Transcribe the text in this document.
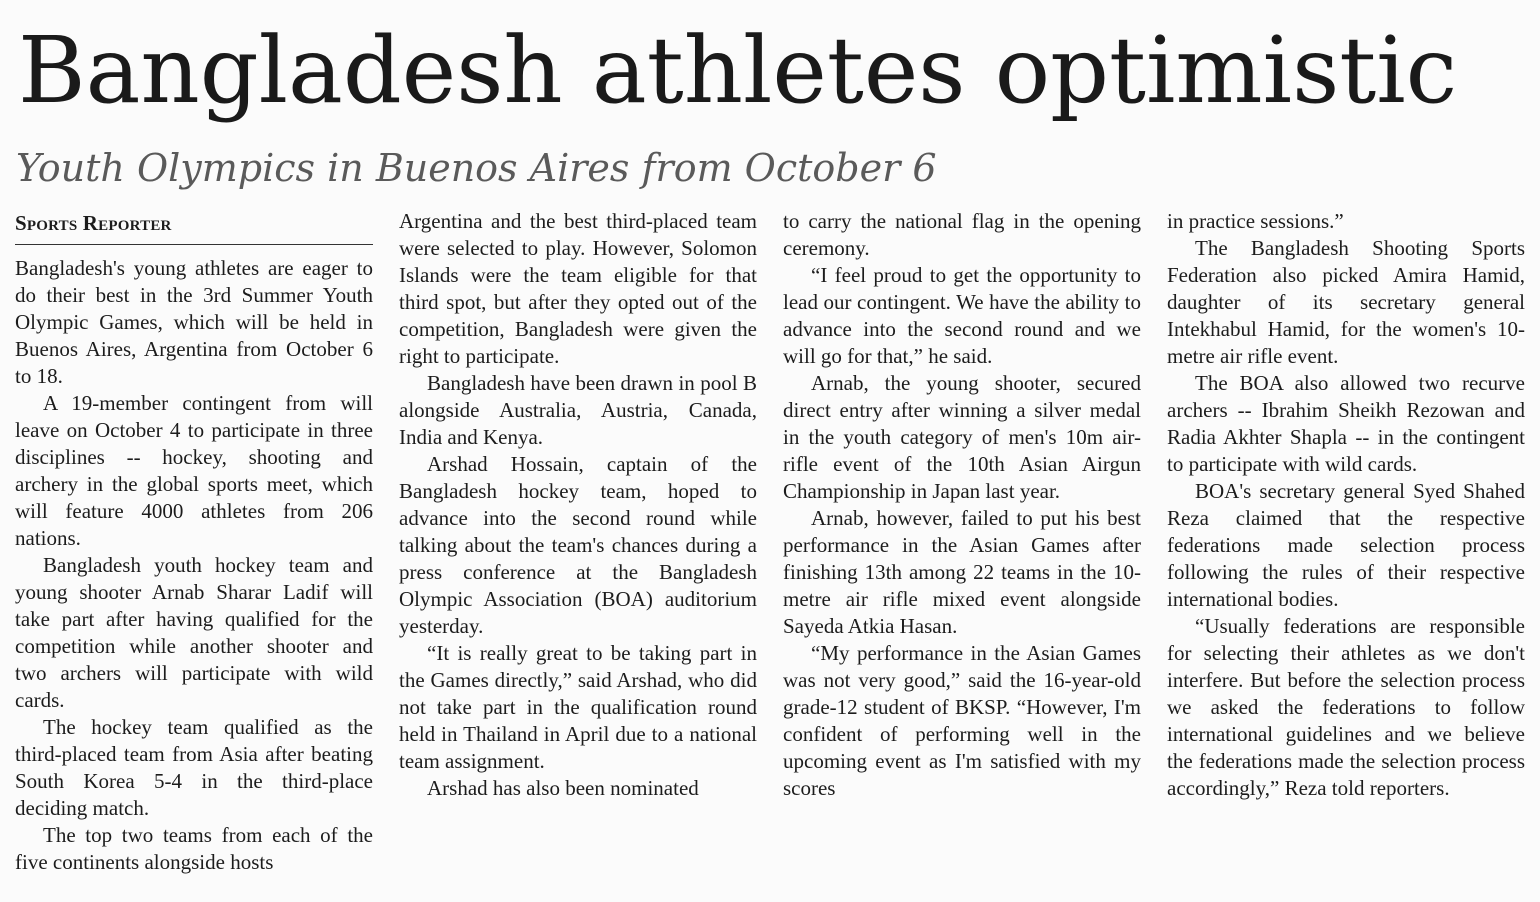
Bangladesh athletes optimistic
Youth Olympics in Buenos Aires from October 6
Sports Reporter

Bangladesh's young athletes are eager to do their best in the 3rd Summer Youth Olympic Games, which will be held in Buenos Aires, Argentina from October 6 to 18.

A 19-member contingent from will leave on October 4 to participate in three disciplines -- hockey, shooting and archery in the global sports meet, which will feature 4000 athletes from 206 nations.

Bangladesh youth hockey team and young shooter Arnab Sharar Ladif will take part after having qualified for the competition while another shooter and two archers will participate with wild cards.

The hockey team qualified as the third-placed team from Asia after beating South Korea 5-4 in the third-place deciding match.

The top two teams from each of the five continents alongside hosts

Argentina and the best third-placed team were selected to play. However, Solomon Islands were the team eligible for that third spot, but after they opted out of the competition, Bangladesh were given the right to participate.

Bangladesh have been drawn in pool B alongside Australia, Austria, Canada, India and Kenya.

Arshad Hossain, captain of the Bangladesh hockey team, hoped to advance into the second round while talking about the team's chances during a press conference at the Bangladesh Olympic Association (BOA) auditorium yesterday.

“It is really great to be taking part in the Games directly,” said Arshad, who did not take part in the qualification round held in Thailand in April due to a national team assignment.

Arshad has also been nominated

to carry the national flag in the opening ceremony.

“I feel proud to get the opportunity to lead our contingent. We have the ability to advance into the second round and we will go for that,” he said.

Arnab, the young shooter, secured direct entry after winning a silver medal in the youth category of men's 10m air-rifle event of the 10th Asian Airgun Championship in Japan last year.

Arnab, however, failed to put his best performance in the Asian Games after finishing 13th among 22 teams in the 10-metre air rifle mixed event alongside Sayeda Atkia Hasan.

“My performance in the Asian Games was not very good,” said the 16-year-old grade-12 student of BKSP. “However, I'm confident of performing well in the upcoming event as I'm satisfied with my scores

in practice sessions.”

The Bangladesh Shooting Sports Federation also picked Amira Hamid, daughter of its secretary general Intekhabul Hamid, for the women's 10-metre air rifle event.

The BOA also allowed two recurve archers -- Ibrahim Sheikh Rezowan and Radia Akhter Shapla -- in the contingent to participate with wild cards.

BOA's secretary general Syed Shahed Reza claimed that the respective federations made selection process following the rules of their respective international bodies.

“Usually federations are responsible for selecting their athletes as we don't interfere. But before the selection process we asked the federations to follow international guidelines and we believe the federations made the selection process accordingly,” Reza told reporters.
